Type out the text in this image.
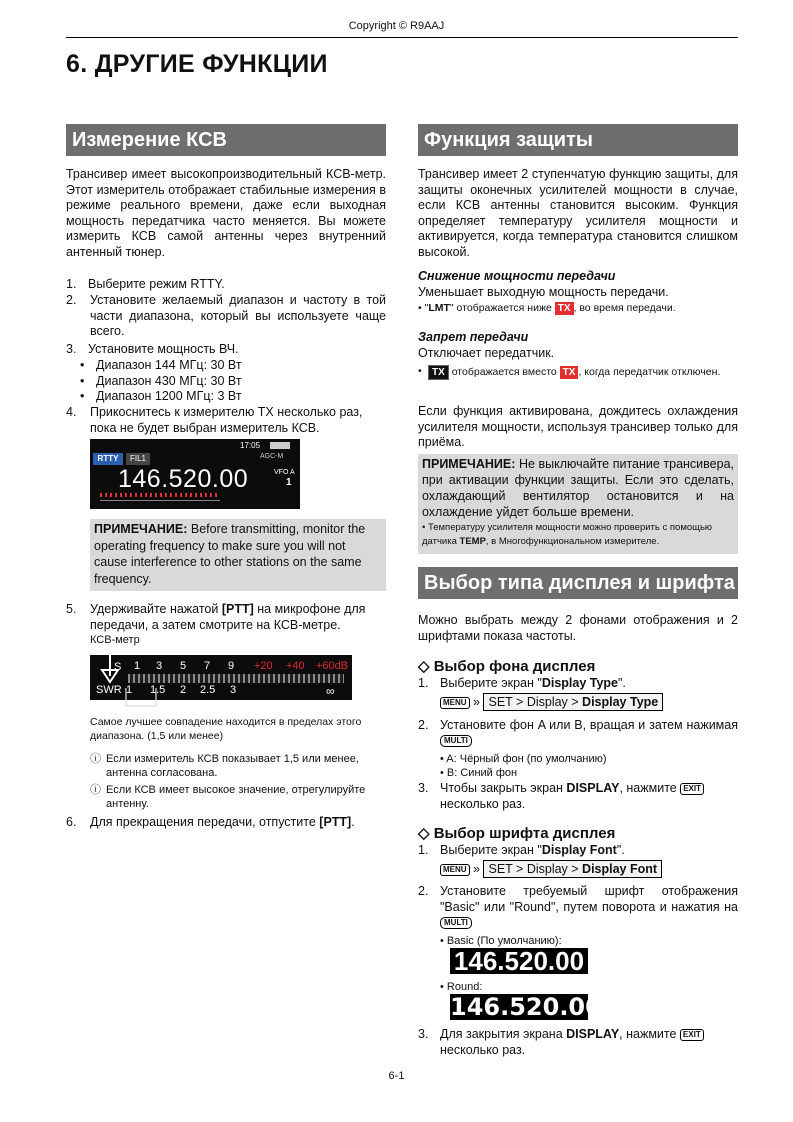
Copyright © R9AAJ
6. ДРУГИЕ ФУНКЦИИ
Измерение КСВ
Трансивер имеет высокопроизводительный КСВ-метр. Этот измеритель отображает стабильные измерения в режиме реального времени, даже если выходная мощность передатчика часто меняется. Вы можете измерить КСВ самой антенны через внутренний антенный тюнер.
1. Выберите режим RTTY.
2. Установите желаемый диапазон и частоту в той части диапазона, который вы используете чаще всего.
3. Установите мощность ВЧ.
• Диапазон 144 МГц: 30 Вт
• Диапазон 430 МГц: 30 Вт
• Диапазон 1200 МГц: 3 Вт
4. Прикоснитесь к измерителю TX несколько раз, пока не будет выбран измеритель КСВ.
RTTY	FIL1
17:05
AGC-M
146.520.00	VFO A
1
ПРИМЕЧАНИЕ: Before transmitting, monitor the operating frequency to make sure you will not cause interference to other stations on the same frequency.
5. Удерживайте нажатой [PTT] на микрофоне для передачи, а затем смотрите на КСВ-метре.
КСВ-метр
S 1 3 5 7 9 +20 +40 +60dB
SWR 1 1.5 2 2.5 3	∞
Самое лучшее совпадение находится в пределах этого диапазона. (1,5 или менее)
ⓘ Если измеритель КСВ показывает 1,5 или менее, антенна согласована.
ⓘ Если КСВ имеет высокое значение, отрегулируйте антенну.
6. Для прекращения передачи, отпустите [PTT].
Функция защиты
Трансивер имеет 2 ступенчатую функцию защиты, для защиты оконечных усилителей мощности в случае, если КСВ антенны становится высоким. Функция определяет температуру усилителя мощности и активируется, когда температура становится слишком высокой.
Снижение мощности передачи
Уменьшает выходную мощность передачи.
• "LMT" отображается ниже TX , во время передачи.
Запрет передачи
Отключает передатчик.
•	TX отображается вместо TX , когда передатчик отключен.
Если функция активирована, дождитесь охлаждения усилителя мощности, используя трансивер только для приёма.
ПРИМЕЧАНИЕ: Не выключайте питание трансивера, при активации функции защиты. Если это сделать, охлаждающий вентилятор остановится и на охлаждение уйдет больше времени.
• Температуру усилителя мощности можно проверить с помощью датчика TEMP, в Многофункциональном измерителе.
Выбор типа дисплея и шрифта
Можно выбрать между 2 фонами отображения и 2 шрифтами показа частоты.
◇ Выбор фона дисплея
1. Выберите экран "Display Type".
MENU » SET > Display > Display Type
2. Установите фон A или B, вращая и затем нажимаяMULTI
• A: Чёрный фон (по умолчанию)
• B: Синий фон
3. Чтобы закрыть экран DISPLAY, нажмите EXIT
несколько раз.
◇ Выбор шрифта дисплея
1. Выберите экран "Display Font".
MENU » SET > Display > Display Font
2. Установите требуемый шрифт отображения "Basic" или "Round", путем поворота и нажатия наMULTI
• Basic (По умолчанию):
146.520.00
• Round:
146.520.00
3. Для закрытия экрана DISPLAY, нажмите EXIT
несколько раз.
6-1
